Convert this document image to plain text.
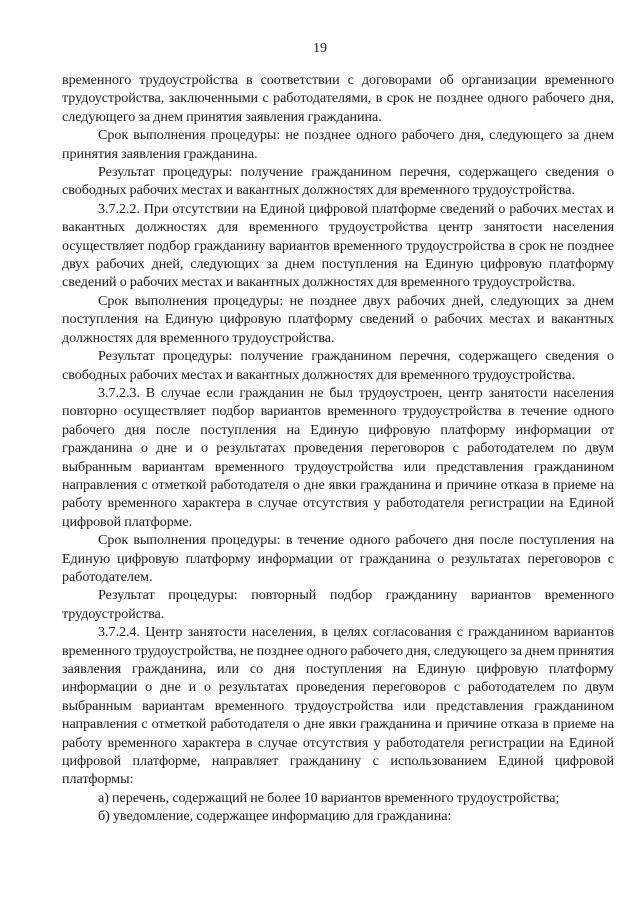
19

временного трудоустройства в соответствии с договорами об организации временного трудоустройства, заключенными с работодателями, в срок не позднее одного рабочего дня, следующего за днем принятия заявления гражданина.

Срок выполнения процедуры: не позднее одного рабочего дня, следующего за днем принятия заявления гражданина.

Результат процедуры: получение гражданином перечня, содержащего сведения о свободных рабочих местах и вакантных должностях для временного трудоустройства.

3.7.2.2. При отсутствии на Единой цифровой платформе сведений о рабочих местах и вакантных должностях для временного трудоустройства центр занятости населения осуществляет подбор гражданину вариантов временного трудоустройства в срок не позднее двух рабочих дней, следующих за днем поступления на Единую цифровую платформу сведений о рабочих местах и вакантных должностях для временного трудоустройства.

Срок выполнения процедуры: не позднее двух рабочих дней, следующих за днем поступления на Единую цифровую платформу сведений о рабочих местах и вакантных должностях для временного трудоустройства.

Результат процедуры: получение гражданином перечня, содержащего сведения о свободных рабочих местах и вакантных должностях для временного трудоустройства.

3.7.2.3. В случае если гражданин не был трудоустроен, центр занятости населения повторно осуществляет подбор вариантов временного трудоустройства в течение одного рабочего дня после поступления на Единую цифровую платформу информации от гражданина о дне и о результатах проведения переговоров с работодателем по двум выбранным вариантам временного трудоустройства или представления гражданином направления с отметкой работодателя о дне явки гражданина и причине отказа в приеме на работу временного характера в случае отсутствия у работодателя регистрации на Единой цифровой платформе.

Срок выполнения процедуры: в течение одного рабочего дня после поступления на Единую цифровую платформу информации от гражданина о результатах переговоров с работодателем.

Результат процедуры: повторный подбор гражданину вариантов временного трудоустройства.

3.7.2.4. Центр занятости населения, в целях согласования с гражданином вариантов временного трудоустройства, не позднее одного рабочего дня, следующего за днем принятия заявления гражданина, или со дня поступления на Единую цифровую платформу информации о дне и о результатах проведения переговоров с работодателем по двум выбранным вариантам временного трудоустройства или представления гражданином направления с отметкой работодателя о дне явки гражданина и причине отказа в приеме на работу временного характера в случае отсутствия у работодателя регистрации на Единой цифровой платформе, направляет гражданину с использованием Единой цифровой платформы:

а) перечень, содержащий не более 10 вариантов временного трудоустройства;

б) уведомление, содержащее информацию для гражданина:
